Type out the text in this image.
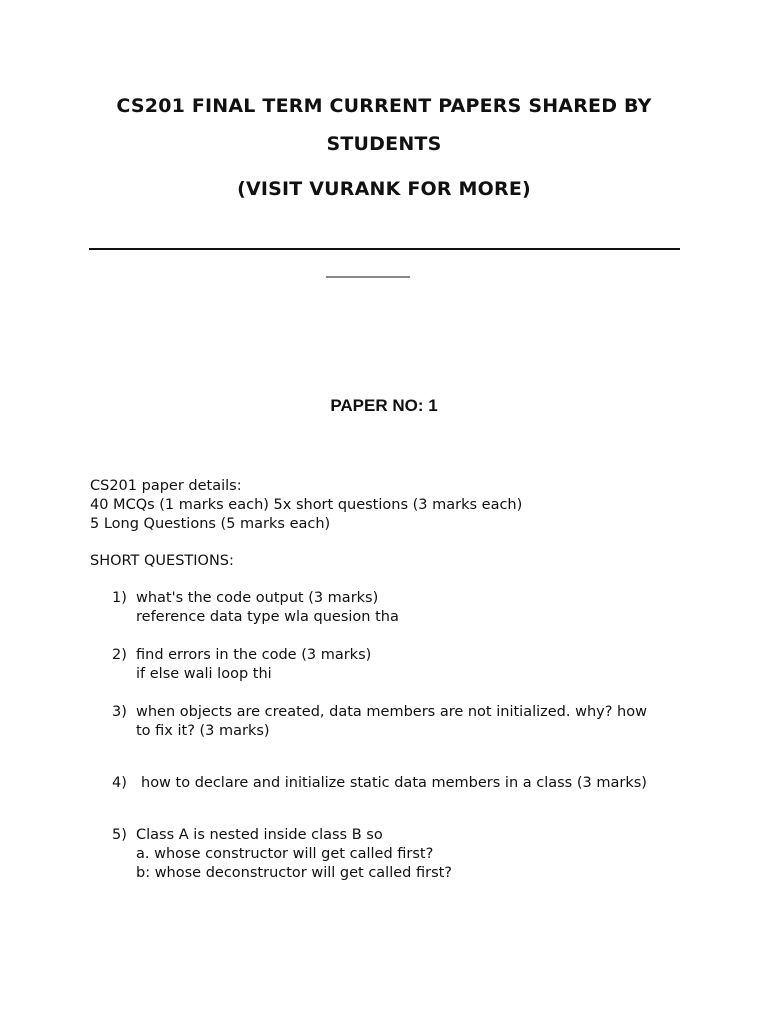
CS201 FINAL TERM CURRENT PAPERS SHARED BY
STUDENTS
(VISIT VURANK FOR MORE)
____________
PAPER NO: 1
CS201 paper details:
40 MCQs (1 marks each) 5x short questions (3 marks each)
5 Long Questions (5 marks each)
SHORT QUESTIONS:
1) what's the code output (3 marks)
reference data type wla quesion tha
2) find errors in the code (3 marks)
if else wali loop thi
3) when objects are created, data members are not initialized. why? how
to fix it? (3 marks)
4) how to declare and initialize static data members in a class (3 marks)
5) Class A is nested inside class B so
a. whose constructor will get called first?
b: whose deconstructor will get called first?
